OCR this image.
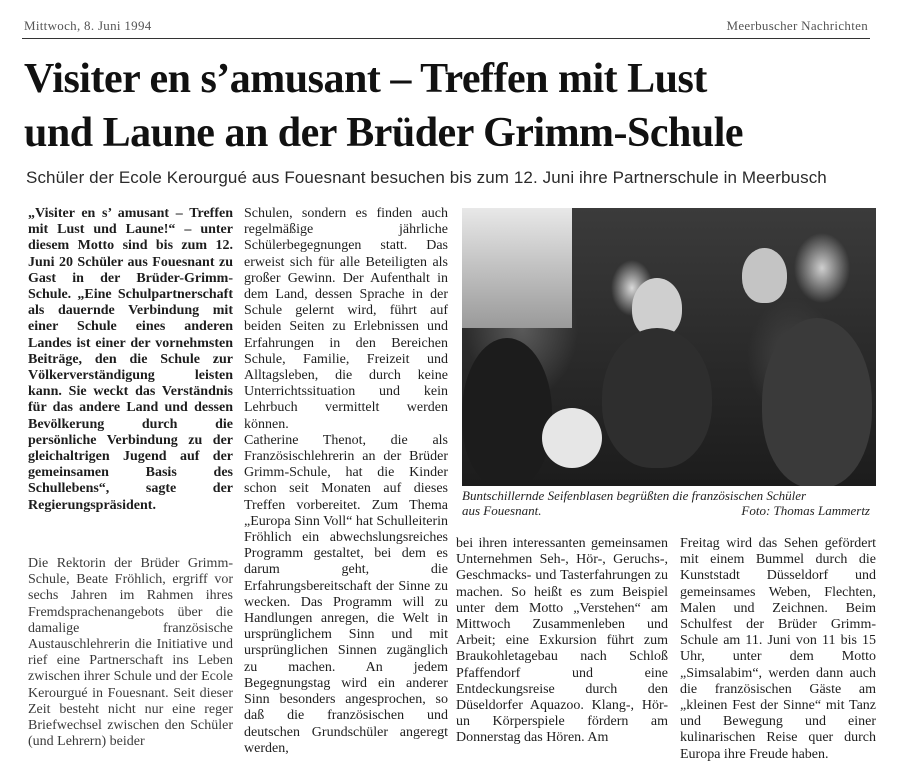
Mittwoch, 8. Juni 1994	Meerbuscher Nachrichten
Visiter en s’amusant – Treffen mit Lust
und Laune an der Brüder Grimm-Schule
Schüler der Ecole Kerourgué aus Fouesnant besuchen bis zum 12. Juni ihre Partnerschule in Meerbusch

„Visiter en s’ amusant – Treffen mit Lust und Laune!“ – unter diesem Motto sind bis zum 12. Juni 20 Schüler aus Fouesnant zu Gast in der Brüder-Grimm-Schule. „Eine Schulpartnerschaft als dauernde Verbindung mit einer Schule eines anderen Landes ist einer der vornehmsten Beiträge, den die Schule zur Völkerverständigung leisten kann. Sie weckt das Verständnis für das andere Land und dessen Bevölkerung durch die persönliche Verbindung zu der gleichaltrigen Jugend auf der gemeinsamen Basis des Schullebens“, sagte der Regierungspräsident.

Die Rektorin der Brüder Grimm-Schule, Beate Fröhlich, ergriff vor sechs Jahren im Rahmen ihres Fremdsprachenangebots über die damalige französische Austauschlehrerin die Initiative und rief eine Partnerschaft ins Leben zwischen ihrer Schule und der Ecole Kerourgué in Fouesnant. Seit dieser Zeit besteht nicht nur eine reger Briefwechsel zwischen den Schüler (und Lehrern) beider

Schulen, sondern es finden auch regelmäßige jährliche Schülerbegegnungen statt. Das erweist sich für alle Beteiligten als großer Gewinn. Der Aufenthalt in dem Land, dessen Sprache in der Schule gelernt wird, führt auf beiden Seiten zu Erlebnissen und Erfahrungen in den Bereichen Schule, Familie, Freizeit und Alltagsleben, die durch keine Unterrichtssituation und kein Lehrbuch vermittelt werden können.

Catherine Thenot, die als Französischlehrerin an der Brüder Grimm-Schule, hat die Kinder schon seit Monaten auf dieses Treffen vorbereitet. Zum Thema „Europa Sinn Voll“ hat Schulleiterin Fröhlich ein abwechslungsreiches Programm gestaltet, bei dem es darum geht, die Erfahrungsbereitschaft der Sinne zu wecken. Das Programm will zu Handlungen anregen, die Welt in ursprünglichem Sinn und mit ursprünglichen Sinnen zugänglich zu machen. An jedem Begegnungstag wird ein anderer Sinn besonders angesprochen, so daß die französischen und deutschen Grundschüler angeregt werden,

Buntschillernde Seifenblasen begrüßten die französischen Schüler
aus Fouesnant.	Foto: Thomas Lammertz

bei ihren interessanten gemeinsamen Unternehmen Seh-, Hör-, Geruchs-, Geschmacks- und Tasterfahrungen zu machen. So heißt es zum Beispiel unter dem Motto „Verstehen“ am Mittwoch Zusammenleben und Arbeit; eine Exkursion führt zum Braukohletagebau nach Schloß Pfaffendorf und eine Entdeckungsreise durch den Düseldorfer Aquazoo. Klang-, Hör- un Körperspiele fördern am Donnerstag das Hören. Am

Freitag wird das Sehen gefördert mit einem Bummel durch die Kunststadt Düsseldorf und gemeinsames Weben, Flechten, Malen und Zeichnen. Beim Schulfest der Brüder Grimm-Schule am 11. Juni von 11 bis 15 Uhr, unter dem Motto „Simsalabim“, werden dann auch die französischen Gäste am „kleinen Fest der Sinne“ mit Tanz und Bewegung und einer kulinarischen Reise quer durch Europa ihre Freude haben.
